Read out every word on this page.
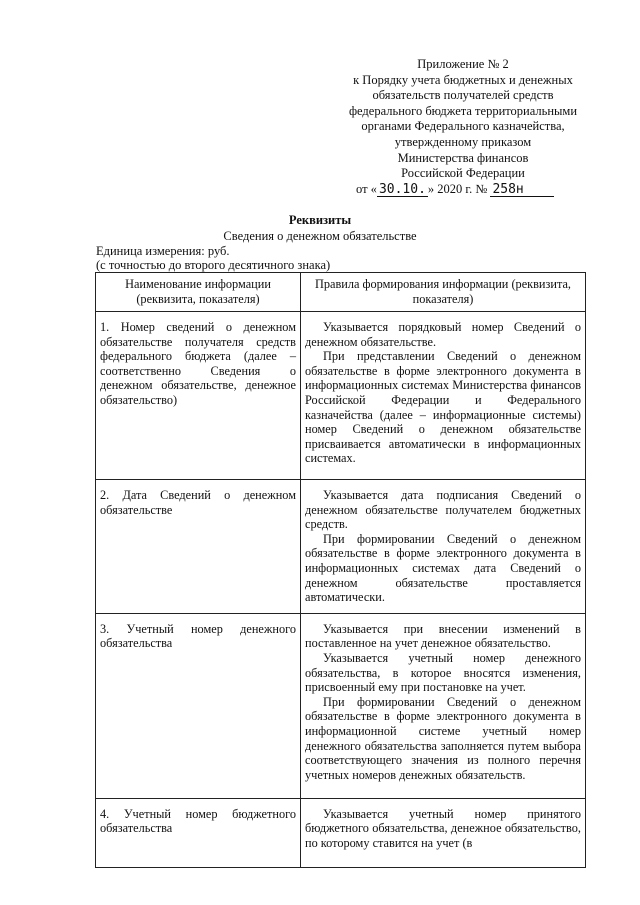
Приложение № 2
к Порядку учета бюджетных и денежных
обязательств получателей средств
федерального бюджета территориальными
органами Федерального казначейства,
утвержденному приказом
Министерства финансов
Российской Федерации
от « 30.10. » 2020 г. № 258н
Реквизиты
Сведения о денежном обязательстве
Единица измерения: руб.
(с точностью до второго десятичного знака)
Наименование информации (реквизита, показателя)	Правила формирования информации (реквизита, показателя)
1. Номер сведений о денежном обязательстве получателя средств федерального бюджета (далее – соответственно Сведения о денежном обязательстве, денежное обязательство)	Указывается порядковый номер Сведений о денежном обязательстве.

При представлении Сведений о денежном обязательстве в форме электронного документа в информационных системах Министерства финансов Российской Федерации и Федерального казначейства (далее – информационные системы) номер Сведений о денежном обязательстве присваивается автоматически в информационных системах.

2. Дата Сведений о денежном обязательстве	Указывается дата подписания Сведений о денежном обязательстве получателем бюджетных средств.

При формировании Сведений о денежном обязательстве в форме электронного документа в информационных системах дата Сведений о денежном обязательстве проставляется автоматически.

3. Учетный номер денежного обязательства	Указывается при внесении изменений в поставленное на учет денежное обязательство.

Указывается учетный номер денежного обязательства, в которое вносятся изменения, присвоенный ему при постановке на учет.

При формировании Сведений о денежном обязательстве в форме электронного документа в информационной системе учетный номер денежного обязательства заполняется путем выбора соответствующего значения из полного перечня учетных номеров денежных обязательств.

4. Учетный номер бюджетного обязательства	Указывается учетный номер принятого бюджетного обязательства, денежное обязательство, по которому ставится на учет (в
